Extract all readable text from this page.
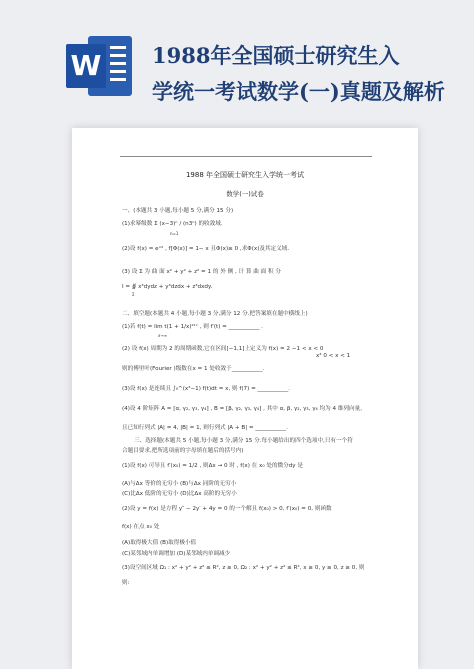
W 1988年全国硕士研究生入
学统一考试数学(一)真题及解析
1988 年全国硕士研究生入学统一考试
数学(一)试卷
一、(本题共 3 小题,每小题 5 分,满分 15 分)
(1)求幂级数 Σ (x−3)ⁿ / (n3ⁿ) 的收敛域.
n=1
(2)设 f(x) = eˣ² , f[Φ(x)] = 1− x 且Φ(x)≥ 0 ,求Φ(x)及其定义域.
(3) 设 Σ 为 曲 面 x² + y² + z² = 1 的 外 侧 , 计 算 曲 面 积 分
I = ∯ x³dydz + y³dzdx + z³dxdy.
Σ
二、填空题(本题共 4 小题,每小题 3 分,满分 12 分.把答案填在题中横线上)
(1)若 f(t) = lim t(1 + 1/x)²ᵗˣ , 则 f′(t) = ___________ .
x→∞
(2) 设 f(x) 周期为 2 的周期函数,它在区间[−1,1]上定义为 f(x) = 2 −1 < x < 0
x³ 0 < x < 1
则的傅里叶(Fourier )级数在x = 1 处收敛于___________.
(3)设 f(x) 是连续且 ∫₀^(x³−1) f(t)dt = x, 则 f(7) = ___________.
(4)设 4 阶矩阵 A = [α, γ₂, γ₃, γ₄] , B = [β, γ₂, γ₃, γ₄] , 其中 α, β, γ₂, γ₃, γ₄ 均为 4 维列向量,
且已知行列式 |A| = 4, |B| = 1, 则行列式 |A + B| = ___________.
三、选择题(本题共 5 小题,每小题 3 分,满分 15 分.每小题给出的四个选项中,只有一个符
合题目要求,把所选项前的字母填在题后的括号内)
(1)设 f(x) 可导且 f′(x₀) = 1/2 , 则Δx → 0 时 , f(x) 在 x₀ 处的微分dy 是
(A)与Δx 等价的无穷小 (B)与Δx 同阶的无穷小
(C)比Δx 低阶的无穷小 (D)比Δx 高阶的无穷小
(2)设 y = f(x) 是方程 y″ − 2y′ + 4y = 0 的一个解且 f(x₀) > 0, f′(x₀) = 0, 则函数
f(x) 在点 x₀ 处
(A)取得极大值 (B)取得极小值
(C)某邻域内单调增加 (D)某邻域内单调减少
(3)设空间区域 Ω₁ : x² + y² + z² ≤ R², z ≥ 0, Ω₂ : x² + y² + z² ≤ R², x ≥ 0, y ≥ 0, z ≥ 0, 则
则:
